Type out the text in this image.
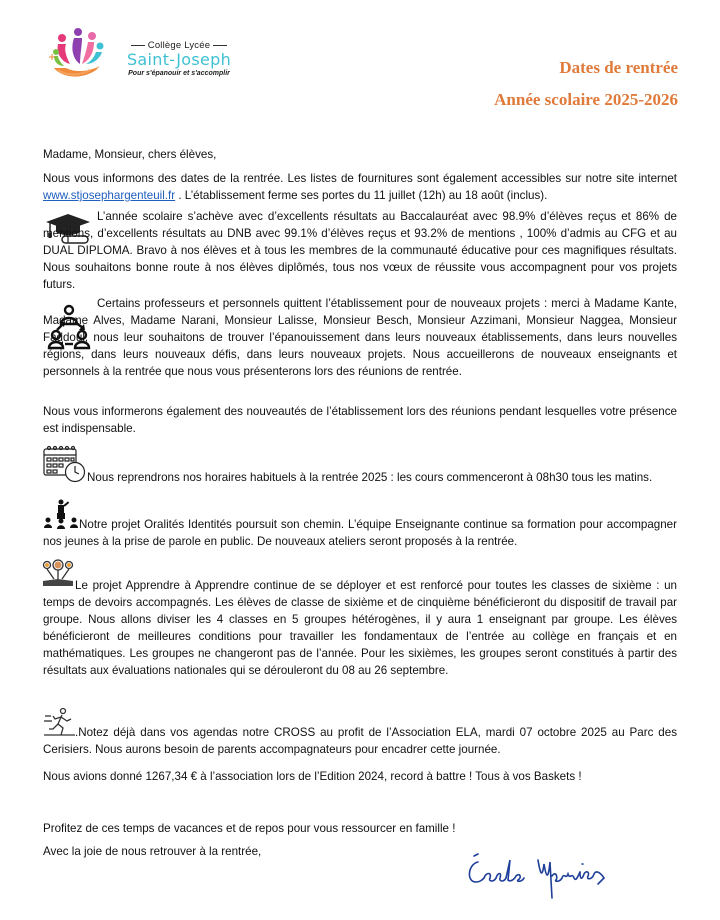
Collège Lycée
Saint-Joseph
Pour s'épanouir et s'accomplir	Dates de rentrée
Année scolaire 2025-2026

Madame, Monsieur, chers élèves,

Nous vous informons des dates de la rentrée. Les listes de fournitures sont également accessibles sur notre site internet www.stjosephargenteuil.fr . L’établissement ferme ses portes du 11 juillet (12h) au 18 août (inclus).

L’année scolaire s’achève avec d’excellents résultats au Baccalauréat avec 98.9% d’élèves reçus et 86% de mentions, d’excellents résultats au DNB avec 99.1% d’élèves reçus et 93.2% de mentions , 100% d’admis au CFG et au DUAL DIPLOMA. Bravo à nos élèves et à tous les membres de la communauté éducative pour ces magnifiques résultats. Nous souhaitons bonne route à nos élèves diplômés, tous nos vœux de réussite vous accompagnent pour vos projets futurs.

Certains professeurs et personnels quittent l’établissement pour de nouveaux projets : merci à Madame Kante, Madame Alves, Madame Narani, Monsieur Lalisse, Monsieur Besch, Monsieur Azzimani, Monsieur Naggea, Monsieur Faddoul, nous leur souhaitons de trouver l’épanouissement dans leurs nouveaux établissements, dans leurs nouvelles régions, dans leurs nouveaux défis, dans leurs nouveaux projets. Nous accueillerons de nouveaux enseignants et personnels à la rentrée que nous vous présenterons lors des réunions de rentrée.

Nous vous informerons également des nouveautés de l’établissement lors des réunions pendant lesquelles votre présence est indispensable.

Nous reprendrons nos horaires habituels à la rentrée 2025 : les cours commenceront à 08h30 tous les matins.

Notre projet Oralités Identités poursuit son chemin. L’équipe Enseignante continue sa formation pour accompagner nos jeunes à la prise de parole en public. De nouveaux ateliers seront proposés à la rentrée.

Le projet Apprendre à Apprendre continue de se déployer et est renforcé pour toutes les classes de sixième : un temps de devoirs accompagnés. Les élèves de classe de sixième et de cinquième bénéficieront du dispositif de travail par groupe. Nous allons diviser les 4 classes en 5 groupes hétérogènes, il y aura 1 enseignant par groupe. Les élèves bénéficieront de meilleures conditions pour travailler les fondamentaux de l’entrée au collège en français et en mathématiques. Les groupes ne changeront pas de l’année. Pour les sixièmes, les groupes seront constitués à partir des résultats aux évaluations nationales qui se dérouleront du 08 au 26 septembre.

.Notez déjà dans vos agendas notre CROSS au profit de l’Association ELA, mardi 07 octobre 2025 au Parc des Cerisiers. Nous aurons besoin de parents accompagnateurs pour encadrer cette journée.

Nous avions donné 1267,34 € à l’association lors de l’Edition 2024, record à battre ! Tous à vos Baskets !

Profitez de ces temps de vacances et de repos pour vous ressourcer en famille !

Avec la joie de nous retrouver à la rentrée,
